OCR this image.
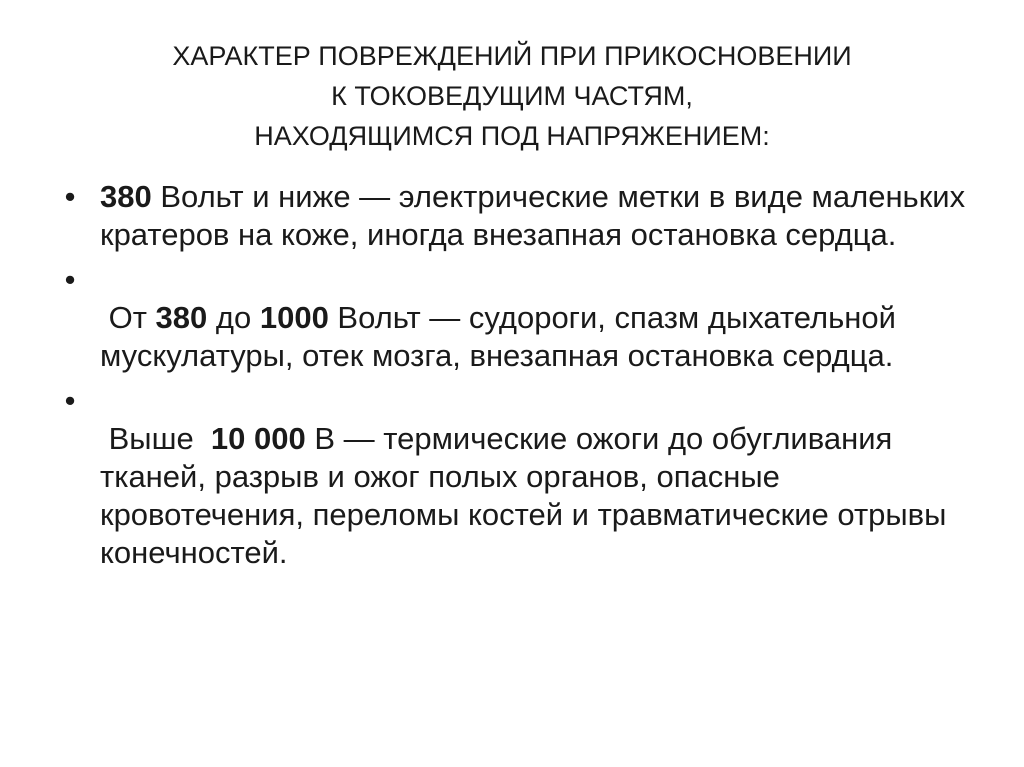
ХАРАКТЕР ПОВРЕЖДЕНИЙ ПРИ ПРИКОСНОВЕНИИ
К ТОКОВЕДУЩИМ ЧАСТЯМ,
НАХОДЯЩИМСЯ ПОД НАПРЯЖЕНИЕМ:
• 380 Вольт и ниже — электрические метки в виде маленьких кратеров на коже, иногда внезапная остановка сердца.
•
От 380 до 1000 Вольт — судороги, спазм дыхательной мускулатуры, отек мозга, внезапная остановка сердца.
•
Выше  10 000 В — термические ожоги до обугливания тканей, разрыв и ожог полых органов, опасные кровотечения, переломы костей и травматические отрывы конечностей.
